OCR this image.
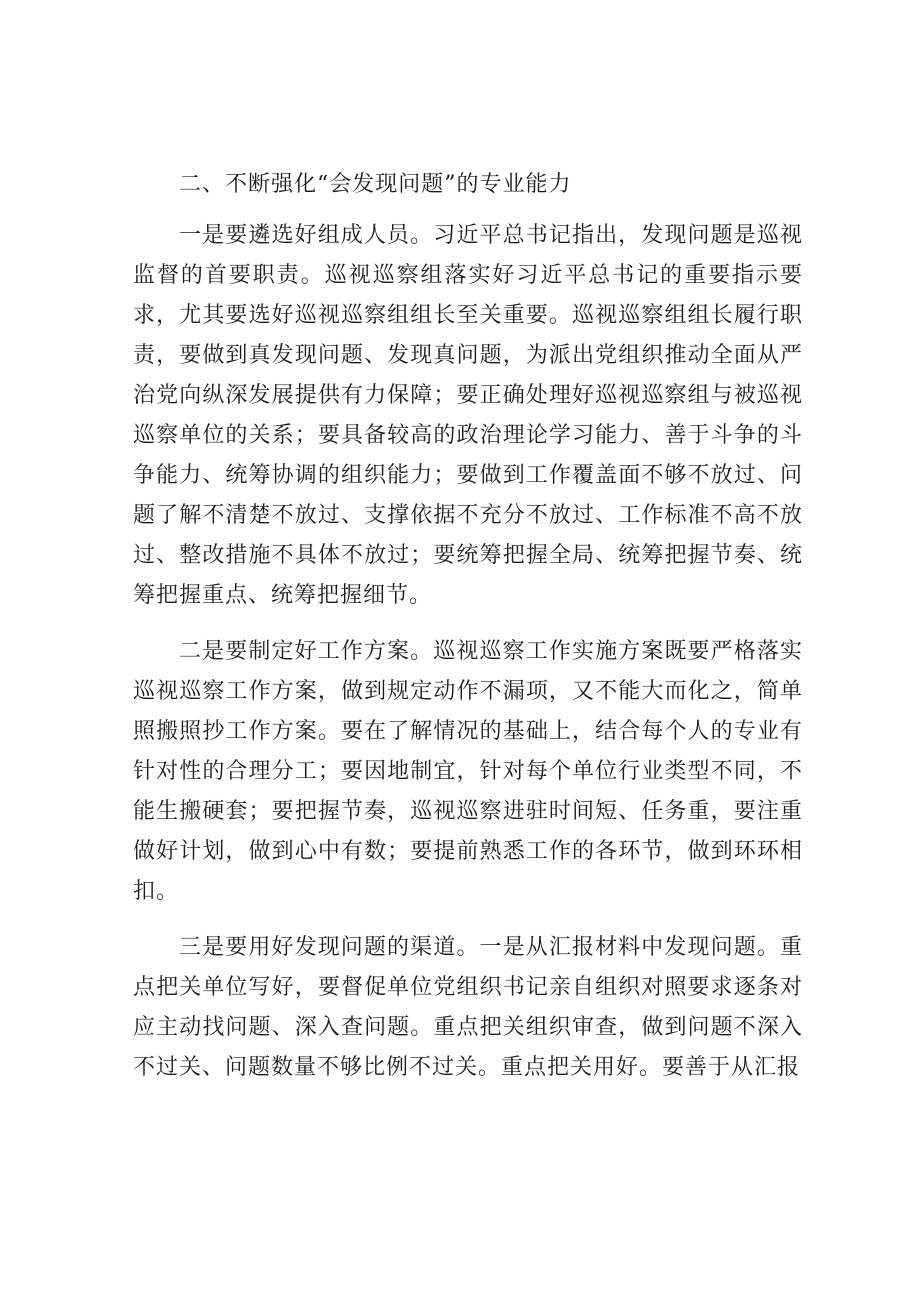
二、不断强化“会发现问题”的专业能力

一是要遴选好组成人员。习近平总书记指出，发现问题是巡视监督的首要职责。巡视巡察组落实好习近平总书记的重要指示要求，尤其要选好巡视巡察组组长至关重要。巡视巡察组组长履行职责，要做到真发现问题、发现真问题，为派出党组织推动全面从严治党向纵深发展提供有力保障；要正确处理好巡视巡察组与被巡视巡察单位的关系；要具备较高的政治理论学习能力、善于斗争的斗争能力、统筹协调的组织能力；要做到工作覆盖面不够不放过、问题了解不清楚不放过、支撑依据不充分不放过、工作标准不高不放过、整改措施不具体不放过；要统筹把握全局、统筹把握节奏、统筹把握重点、统筹把握细节。

二是要制定好工作方案。巡视巡察工作实施方案既要严格落实巡视巡察工作方案，做到规定动作不漏项，又不能大而化之，简单照搬照抄工作方案。要在了解情况的基础上，结合每个人的专业有针对性的合理分工；要因地制宜，针对每个单位行业类型不同，不能生搬硬套；要把握节奏，巡视巡察进驻时间短、任务重，要注重做好计划，做到心中有数；要提前熟悉工作的各环节，做到环环相扣。

三是要用好发现问题的渠道。一是从汇报材料中发现问题。重点把关单位写好，要督促单位党组织书记亲自组织对照要求逐条对应主动找问题、深入查问题。重点把关组织审查，做到问题不深入不过关、问题数量不够比例不过关。重点把关用好。要善于从汇报
